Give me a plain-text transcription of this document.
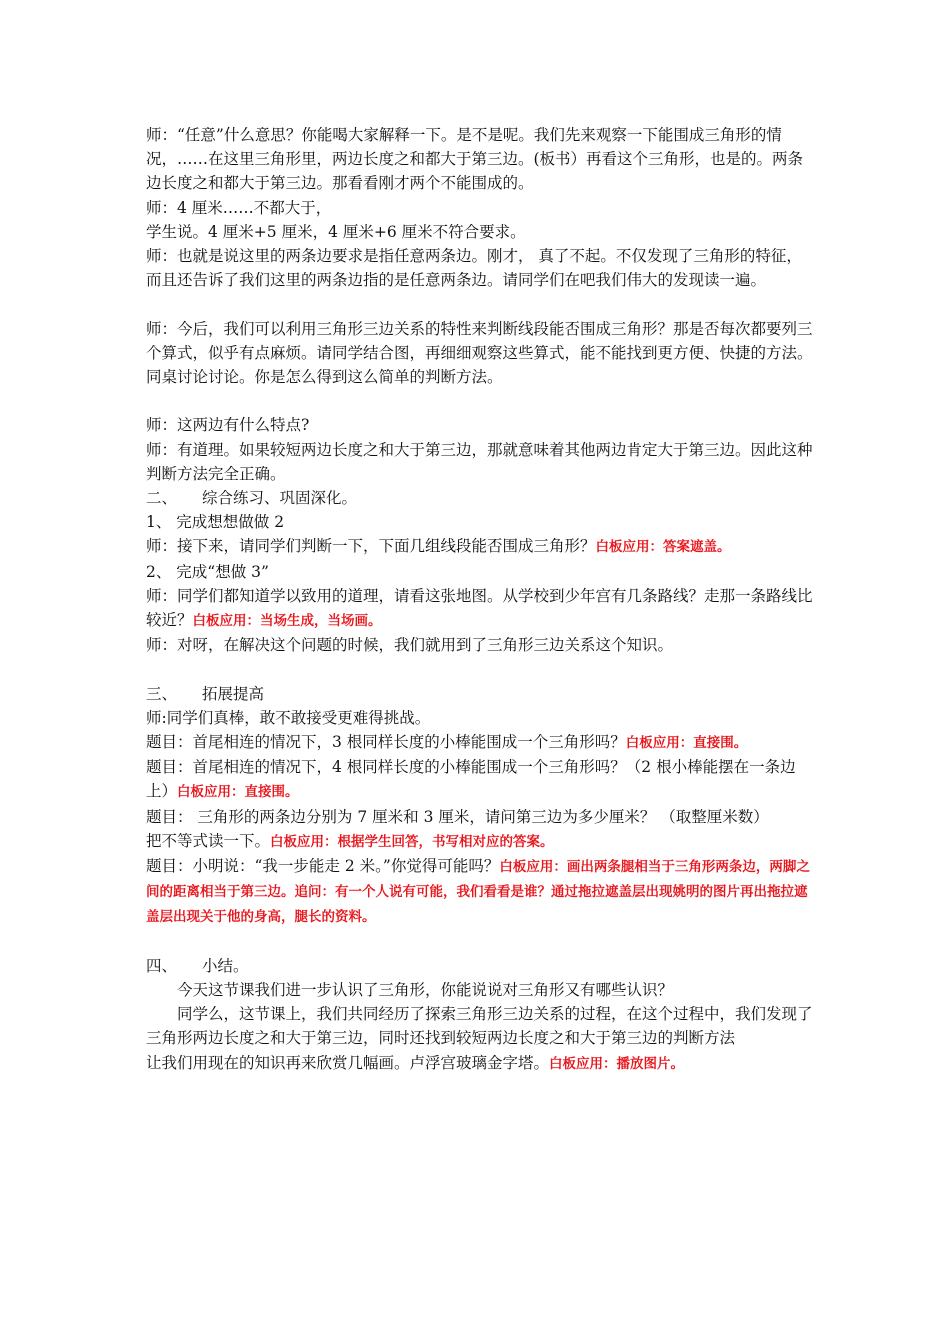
师：“任意”什么意思？你能喝大家解释一下。是不是呢。我们先来观察一下能围成三角形的情况，……在这里三角形里，两边长度之和都大于第三边。(板书）再看这个三角形，也是的。两条边长度之和都大于第三边。那看看刚才两个不能围成的。

师：4 厘米……不都大于，

学生说。4 厘米+5 厘米，4 厘米+6 厘米不符合要求。

师：也就是说这里的两条边要求是指任意两条边。刚才， 真了不起。不仅发现了三角形的特征，而且还告诉了我们这里的两条边指的是任意两条边。请同学们在吧我们伟大的发现读一遍。

师：今后，我们可以利用三角形三边关系的特性来判断线段能否围成三角形？那是否每次都要列三个算式，似乎有点麻烦。请同学结合图，再细细观察这些算式，能不能找到更方便、快捷的方法。同桌讨论讨论。你是怎么得到这么简单的判断方法。

师：这两边有什么特点?

师：有道理。如果较短两边长度之和大于第三边，那就意味着其他两边肯定大于第三边。因此这种判断方法完全正确。

二、 综合练习、巩固深化。

1、 完成想想做做 2

师：接下来，请同学们判断一下，下面几组线段能否围成三角形？白板应用：答案遮盖。

2、 完成“想做 3”

师：同学们都知道学以致用的道理，请看这张地图。从学校到少年宫有几条路线？走那一条路线比较近？白板应用：当场生成，当场画。

师：对呀，在解决这个问题的时候，我们就用到了三角形三边关系这个知识。

三、 拓展提高

师:同学们真棒，敢不敢接受更难得挑战。

题目：首尾相连的情况下，3 根同样长度的小棒能围成一个三角形吗？白板应用：直接围。

题目：首尾相连的情况下，4 根同样长度的小棒能围成一个三角形吗？（2 根小棒能摆在一条边上）白板应用：直接围。

题目： 三角形的两条边分别为 7 厘米和 3 厘米，请问第三边为多少厘米？ （取整厘米数）

把不等式读一下。白板应用：根据学生回答，书写相对应的答案。

题目：小明说：“我一步能走 2 米。”你觉得可能吗？白板应用：画出两条腿相当于三角形两条边，两脚之间的距离相当于第三边。追问：有一个人说有可能，我们看看是谁？通过拖拉遮盖层出现姚明的图片再出拖拉遮盖层出现关于他的身高，腿长的资料。

四、 小结。

今天这节课我们进一步认识了三角形，你能说说对三角形又有哪些认识？

同学么，这节课上，我们共同经历了探索三角形三边关系的过程，在这个过程中，我们发现了三角形两边长度之和大于第三边，同时还找到较短两边长度之和大于第三边的判断方法

让我们用现在的知识再来欣赏几幅画。卢浮宫玻璃金字塔。白板应用：播放图片。
